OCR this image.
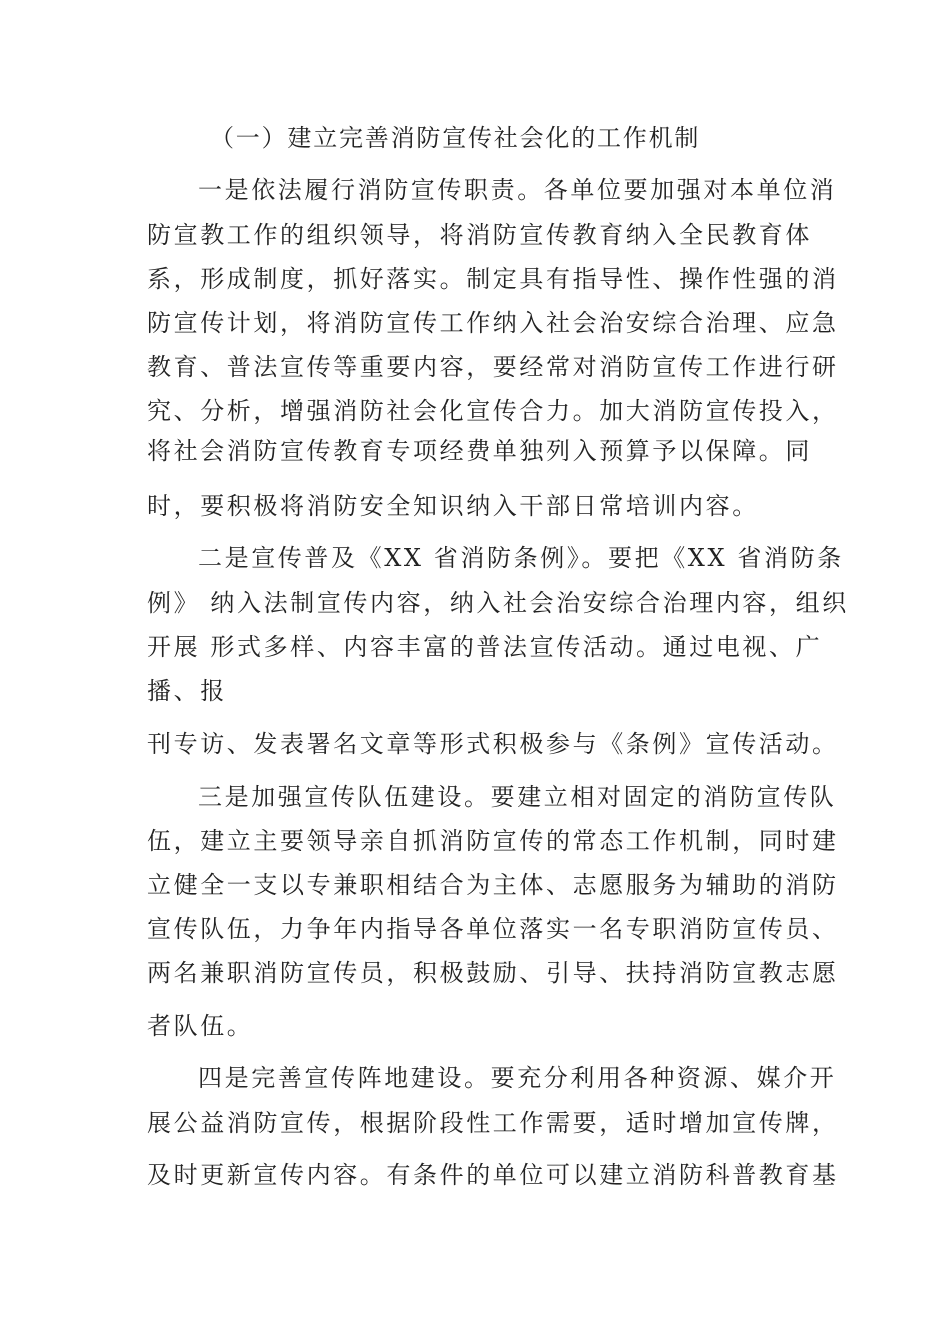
（一）建立完善消防宣传社会化的工作机制
一是依法履行消防宣传职责。各单位要加强对本单位消
防宣教工作的组织领导，将消防宣传教育纳入全民教育体
系，形成制度，抓好落实。制定具有指导性、操作性强的消
防宣传计划，将消防宣传工作纳入社会治安综合治理、应急
教育、普法宣传等重要内容，要经常对消防宣传工作进行研
究、分析，增强消防社会化宣传合力。加大消防宣传投入，
将社会消防宣传教育专项经费单独列入预算予以保障。同
时，要积极将消防安全知识纳入干部日常培训内容。
二是宣传普及《XX 省消防条例》。要把《XX 省消防条
例》 纳入法制宣传内容，纳入社会治安综合治理内容，组织
开展 形式多样、内容丰富的普法宣传活动。通过电视、广
播、报
刊专访、发表署名文章等形式积极参与《条例》宣传活动。
三是加强宣传队伍建设。要建立相对固定的消防宣传队
伍，建立主要领导亲自抓消防宣传的常态工作机制，同时建
立健全一支以专兼职相结合为主体、志愿服务为辅助的消防
宣传队伍，力争年内指导各单位落实一名专职消防宣传员、
两名兼职消防宣传员，积极鼓励、引导、扶持消防宣教志愿
者队伍。
四是完善宣传阵地建设。要充分利用各种资源、媒介开
展公益消防宣传，根据阶段性工作需要，适时增加宣传牌，
及时更新宣传内容。有条件的单位可以建立消防科普教育基
